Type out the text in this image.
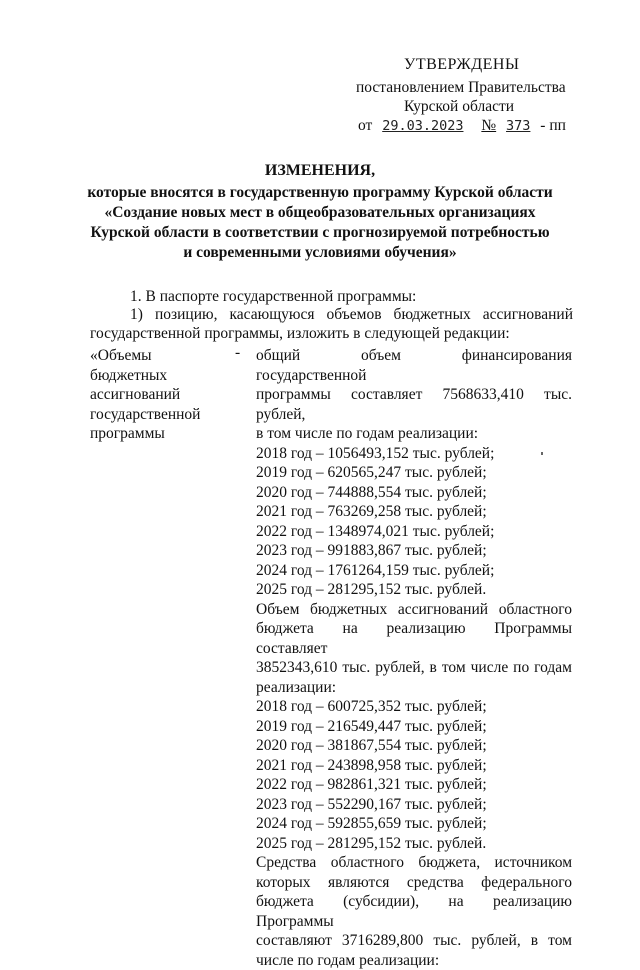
УТВЕРЖДЕНЫ
постановлением Правительства
Курской области
от 29.03.2023 № 373 - пп
ИЗМЕНЕНИЯ,
которые вносятся в государственную программу Курской области
«Создание новых мест в общеобразовательных организациях
Курской области в соответствии с прогнозируемой потребностью
и современными условиями обучения»
1. В паспорте государственной программы:
1) позицию, касающуюся объемов бюджетных ассигнований
государственной программы, изложить в следующей редакции:
«Объемы
бюджетных
ассигнований
государственной
программы
- общий объем финансирования государственной
программы составляет 7568633,410 тыс. рублей,
в том числе по годам реализации:
2018 год – 1056493,152 тыс. рублей;
2019 год – 620565,247 тыс. рублей;
2020 год – 744888,554 тыс. рублей;
2021 год – 763269,258 тыс. рублей;
2022 год – 1348974,021 тыс. рублей;
2023 год – 991883,867 тыс. рублей;
2024 год – 1761264,159 тыс. рублей;
2025 год – 281295,152 тыс. рублей.
Объем бюджетных ассигнований областного
бюджета на реализацию Программы составляет
3852343,610 тыс. рублей, в том числе по годам
реализации:
2018 год – 600725,352 тыс. рублей;
2019 год – 216549,447 тыс. рублей;
2020 год – 381867,554 тыс. рублей;
2021 год – 243898,958 тыс. рублей;
2022 год – 982861,321 тыс. рублей;
2023 год – 552290,167 тыс. рублей;
2024 год – 592855,659 тыс. рублей;
2025 год – 281295,152 тыс. рублей.
Средства областного бюджета, источником
которых являются средства федерального
бюджета (субсидии), на реализацию Программы
составляют 3716289,800 тыс. рублей, в том
числе по годам реализации:
